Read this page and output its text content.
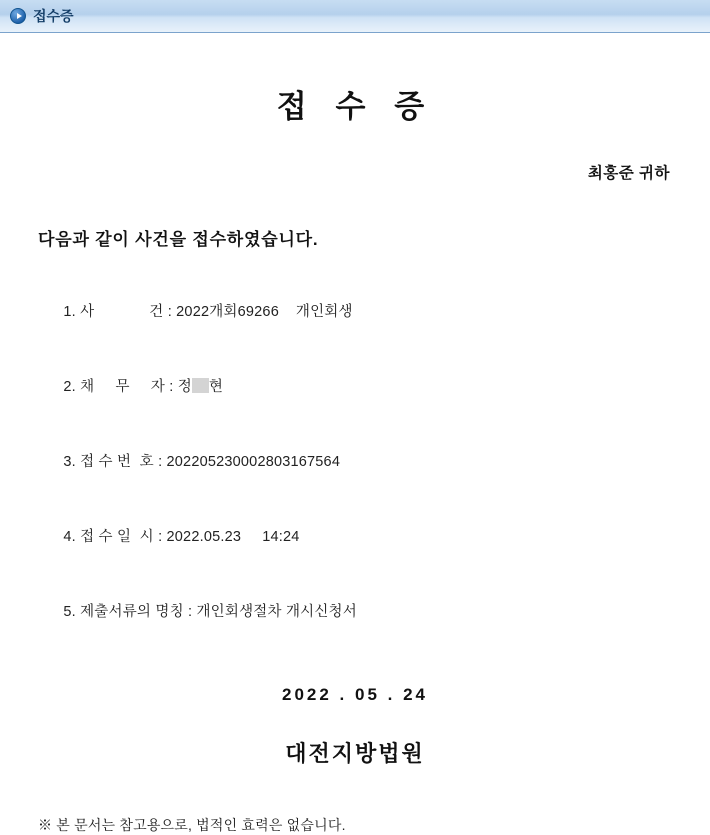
접수증
접 수 증
최홍준 귀하
다음과 같이 사건을 접수하였습니다.

1. 사             건 : 2022개회69266    개인회생

2. 채     무     자 : 정 현

3. 접 수 번  호 : 202205230002803167564

4. 접 수 일  시 : 2022.05.23     14:24

5. 제출서류의 명칭 : 개인회생절차 개시신청서

2022 . 05 . 24
대전지방법원
※ 본 문서는 참고용으로, 법적인 효력은 없습니다.
